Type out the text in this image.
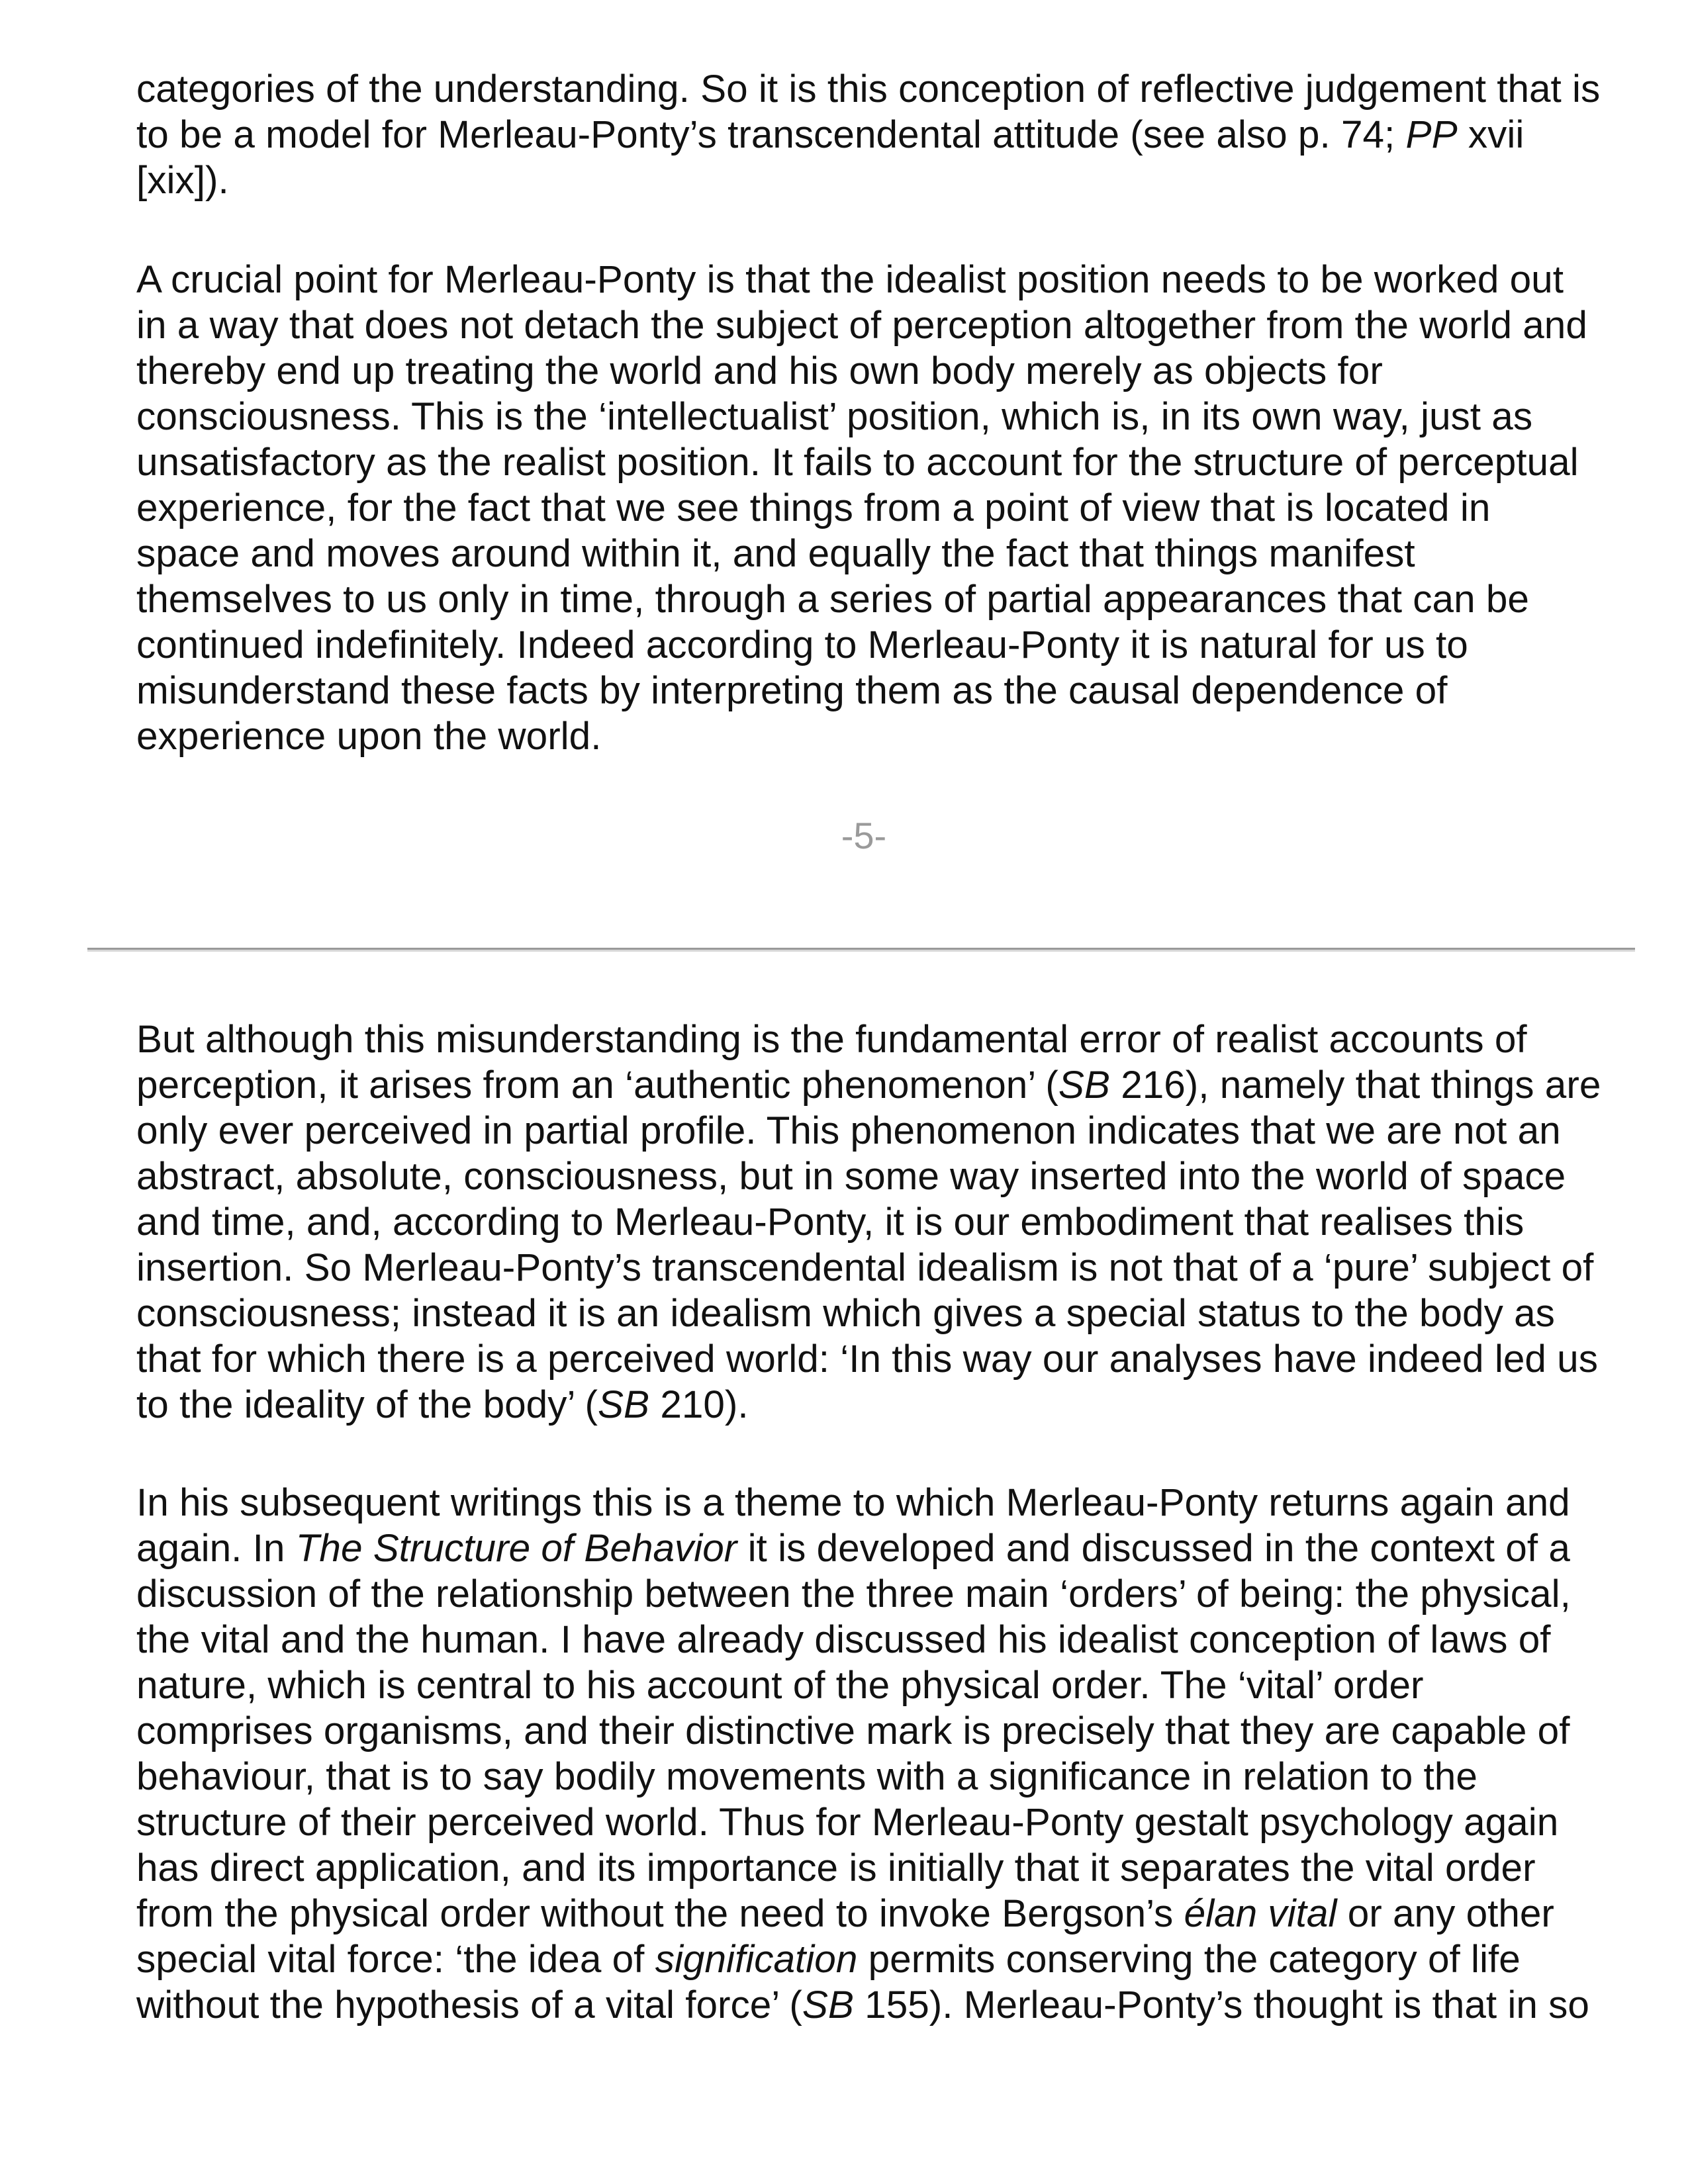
categories of the understanding. So it is this conception of reflective judgement that is
to be a model for Merleau-Ponty’s transcendental attitude (see also p. 74; PP xvii
[xix]).

A crucial point for Merleau-Ponty is that the idealist position needs to be worked out
in a way that does not detach the subject of perception altogether from the world and
thereby end up treating the world and his own body merely as objects for
consciousness. This is the ‘intellectualist’ position, which is, in its own way, just as
unsatisfactory as the realist position. It fails to account for the structure of perceptual
experience, for the fact that we see things from a point of view that is located in
space and moves around within it, and equally the fact that things manifest
themselves to us only in time, through a series of partial appearances that can be
continued indefinitely. Indeed according to Merleau-Ponty it is natural for us to
misunderstand these facts by interpreting them as the causal dependence of
experience upon the world.

-5-

But although this misunderstanding is the fundamental error of realist accounts of
perception, it arises from an ‘authentic phenomenon’ (SB 216), namely that things are
only ever perceived in partial profile. This phenomenon indicates that we are not an
abstract, absolute, consciousness, but in some way inserted into the world of space
and time, and, according to Merleau-Ponty, it is our embodiment that realises this
insertion. So Merleau-Ponty’s transcendental idealism is not that of a ‘pure’ subject of
consciousness; instead it is an idealism which gives a special status to the body as
that for which there is a perceived world: ‘In this way our analyses have indeed led us
to the ideality of the body’ (SB 210).

In his subsequent writings this is a theme to which Merleau-Ponty returns again and
again. In The Structure of Behavior it is developed and discussed in the context of a
discussion of the relationship between the three main ‘orders’ of being: the physical,
the vital and the human. I have already discussed his idealist conception of laws of
nature, which is central to his account of the physical order. The ‘vital’ order
comprises organisms, and their distinctive mark is precisely that they are capable of
behaviour, that is to say bodily movements with a significance in relation to the
structure of their perceived world. Thus for Merleau-Ponty gestalt psychology again
has direct application, and its importance is initially that it separates the vital order
from the physical order without the need to invoke Bergson’s élan vital or any other
special vital force: ‘the idea of signification permits conserving the category of life
without the hypothesis of a vital force’ (SB 155). Merleau-Ponty’s thought is that in so
